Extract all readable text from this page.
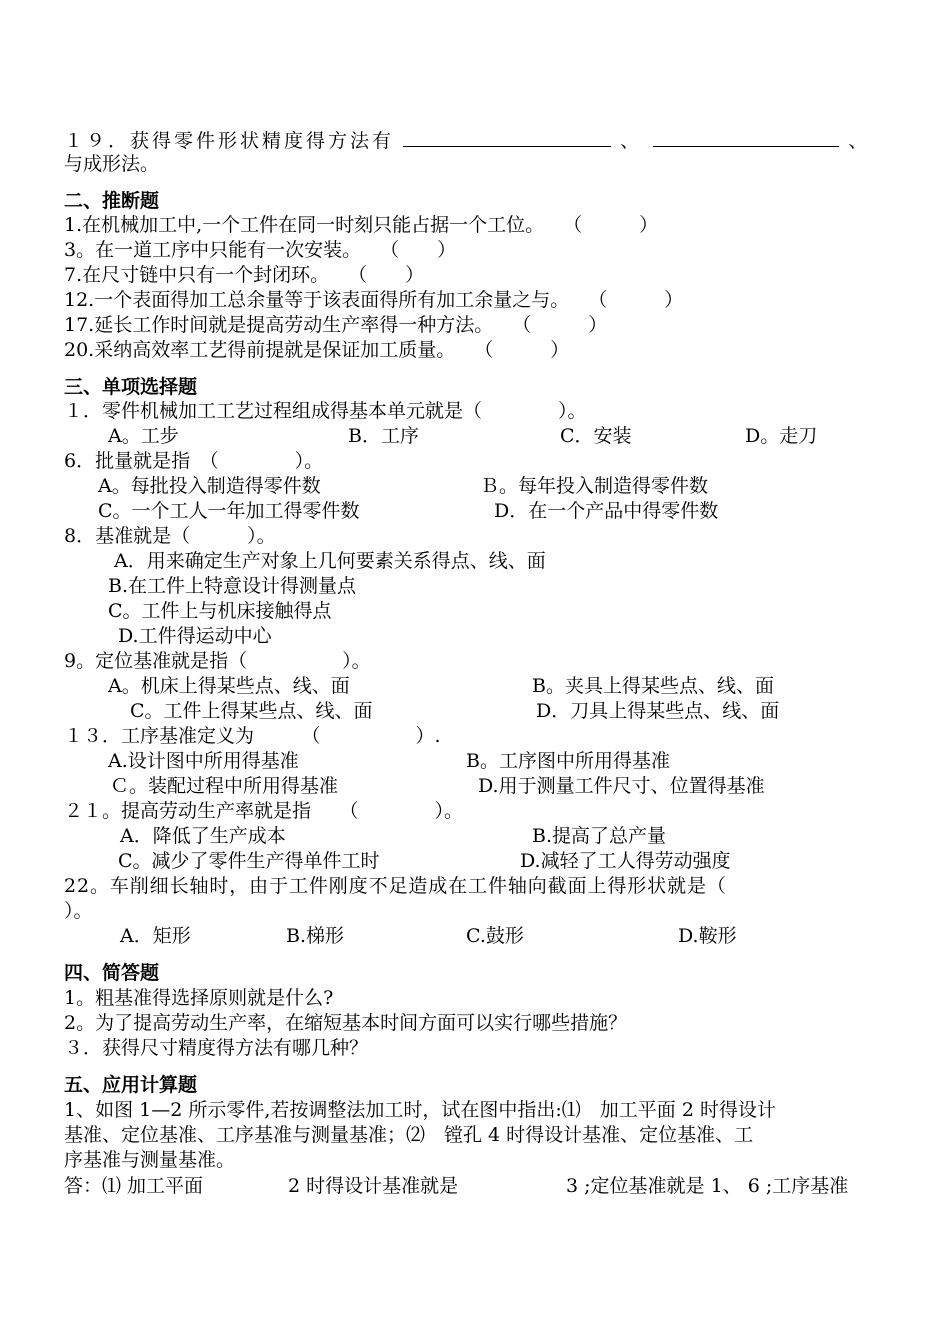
１９．获得零件形状精度得方法有	、	、
与成形法。
二、推断题
1.在机械加工中,一个工件在同一时刻只能占据一个工位。　　（　　　）
3。在一道工序中只能有一次安装。　　（　　）
7.在尺寸链中只有一个封闭环。　　（　　）
12.一个表面得加工总余量等于该表面得所有加工余量之与。　　（　　　）
17.延长工作时间就是提高劳动生产率得一种方法。　　（　　　）
20.采纳高效率工艺得前提就是保证加工质量。　　（　　　）
三、单项选择题
１．零件机械加工工艺过程组成得基本单元就是（　　　　）。
A。工步	B．工序	C．安装	D。走刀
6．批量就是指　（　　　　）。
A。每批投入制造得零件数	Ｂ。每年投入制造得零件数
C。一个工人一年加工得零件数	D．在一个产品中得零件数
8．基准就是（　　　）。
A．用来确定生产对象上几何要素关系得点、线、面
B.在工件上特意设计得测量点
C。工件上与机床接触得点
D.工件得运动中心
9。定位基准就是指（　　　　　）。
A。机床上得某些点、线、面	B。夹具上得某些点、线、面
C。工件上得某些点、线、面	D．刀具上得某些点、线、面
１３．工序基准定义为　　　（　　　　　）.
A.设计图中所用得基准	B。工序图中所用得基准
Ｃ。装配过程中所用得基准	D.用于测量工件尺寸、位置得基准
２１。提高劳动生产率就是指　　（　　　　）。
A．降低了生产成本	B.提高了总产量
C。减少了零件生产得单件工时	D.减轻了工人得劳动强度
22。车削细长轴时，由于工件刚度不足造成在工件轴向截面上得形状就是（
）。
A．矩形	B.梯形	C.鼓形	D.鞍形
四、简答题
1。粗基准得选择原则就是什么?
2。为了提高劳动生产率，在缩短基本时间方面可以实行哪些措施？
３．获得尺寸精度得方法有哪几种？
五、应用计算题
1、如图 1—2 所示零件,若按调整法加工时，试在图中指出:⑴　加工平面 2 时得设计
基准、定位基准、工序基准与测量基准；⑵　镗孔 4 时得设计基准、定位基准、工
序基准与测量基准。
答：⑴ 加工平面	2 时得设计基准就是	3 ;定位基准就是 1、 6 ;工序基准
